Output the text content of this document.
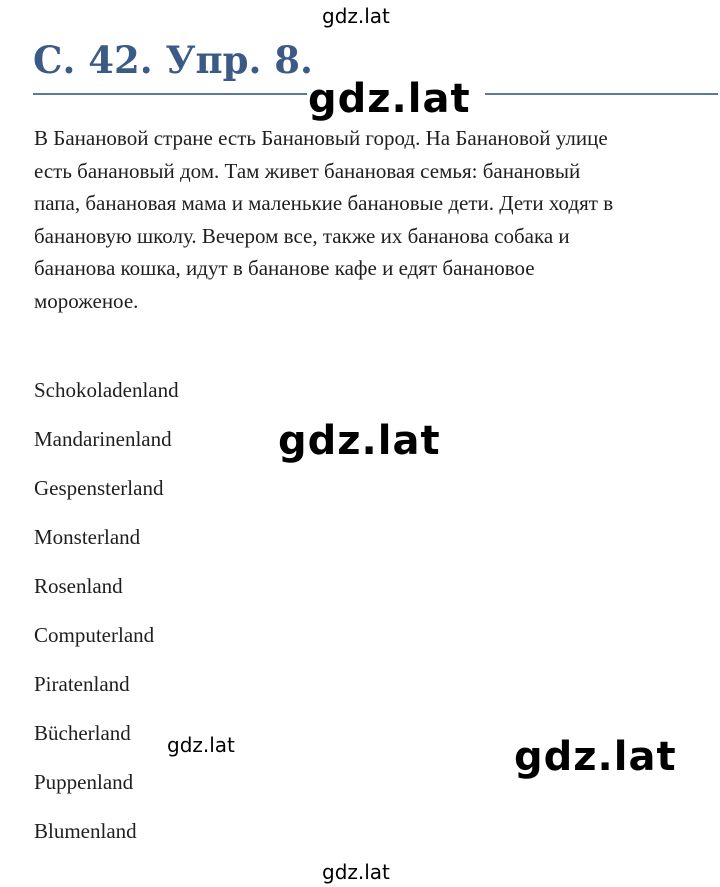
gdz.lat
С. 42. Упр. 8.
gdz.lat
В Банановой стране есть Банановый город. На Банановой улице
есть банановый дом. Там живет банановая семья: банановый
папа, банановая мама и маленькие банановые дети. Дети ходят в
банановую школу. Вечером все, также их бананова собака и
бананова кошка, идут в бананове кафе и едят банановое
мороженое.
Schokoladenland
Mandarinenland
Gespensterland
Monsterland
Rosenland
Computerland
Piratenland
Bücherland
Puppenland
Blumenland
gdz.lat
gdz.lat	gdz.lat
gdz.lat
